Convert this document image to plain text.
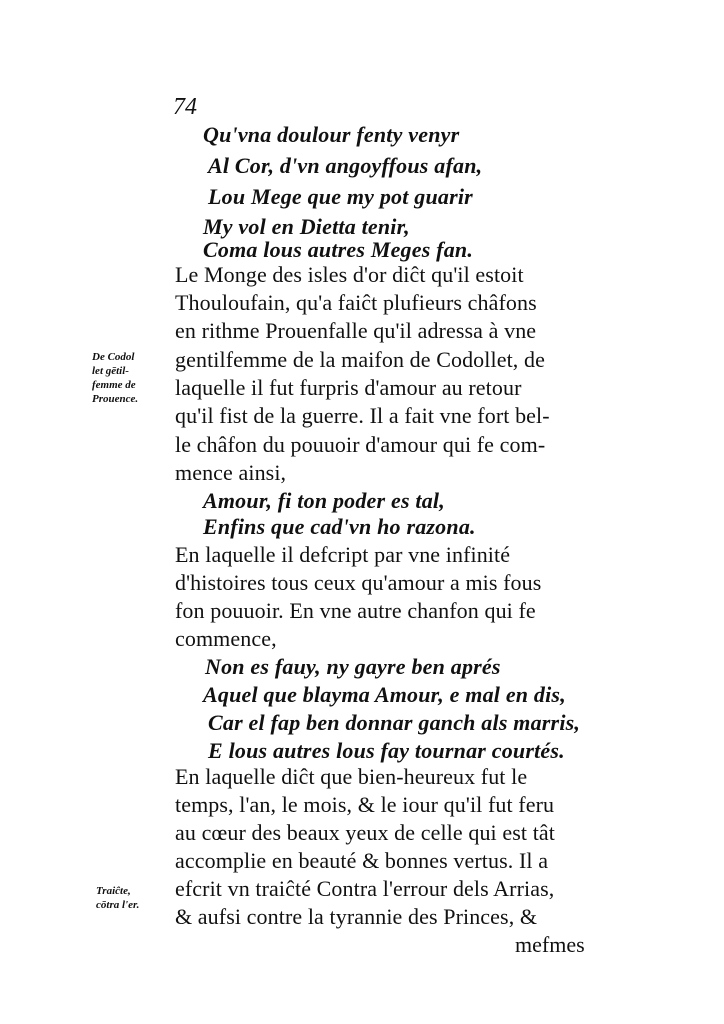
74
Qu'vna doulour fenty venyr
Al Cor, d'vn angoyffous afan,
Lou Mege que my pot guarir
My vol en Dietta tenir,
Coma lous autres Meges fan.
Le Monge des isles d'or diĉt qu'il estoit
Thouloufain, qu'a faiĉt plufieurs châfons
en rithme Prouenfalle qu'il adressa à vne
gentilfemme de la maifon de Codollet, de
laquelle il fut furpris d'amour au retour
qu'il fist de la guerre. Il a fait vne fort bel-
le châfon du pouuoir d'amour qui fe com-
mence ainsi,
Amour, fi ton poder es tal,
Enfins que cad'vn ho razona.
En laquelle il defcript par vne infinité
d'histoires tous ceux qu'amour a mis fous
fon pouuoir. En vne autre chanfon qui fe
commence,
Non es fauy, ny gayre ben aprés
Aquel que blayma Amour, e mal en dis,
Car el fap ben donnar ganch als marris,
E lous autres lous fay tournar courtés.
En laquelle diĉt que bien-heureux fut le
temps, l'an, le mois, & le iour qu'il fut feru
au cœur des beaux yeux de celle qui est tât
accomplie en beauté & bonnes vertus. Il a
efcrit vn traiĉté Contra l'errour dels Arrias,
& aufsi contre la tyrannie des Princes, &
mefmes
De Codol
let gētil-
femme de
Prouence.
Traiĉte,
cōtra l'er.
